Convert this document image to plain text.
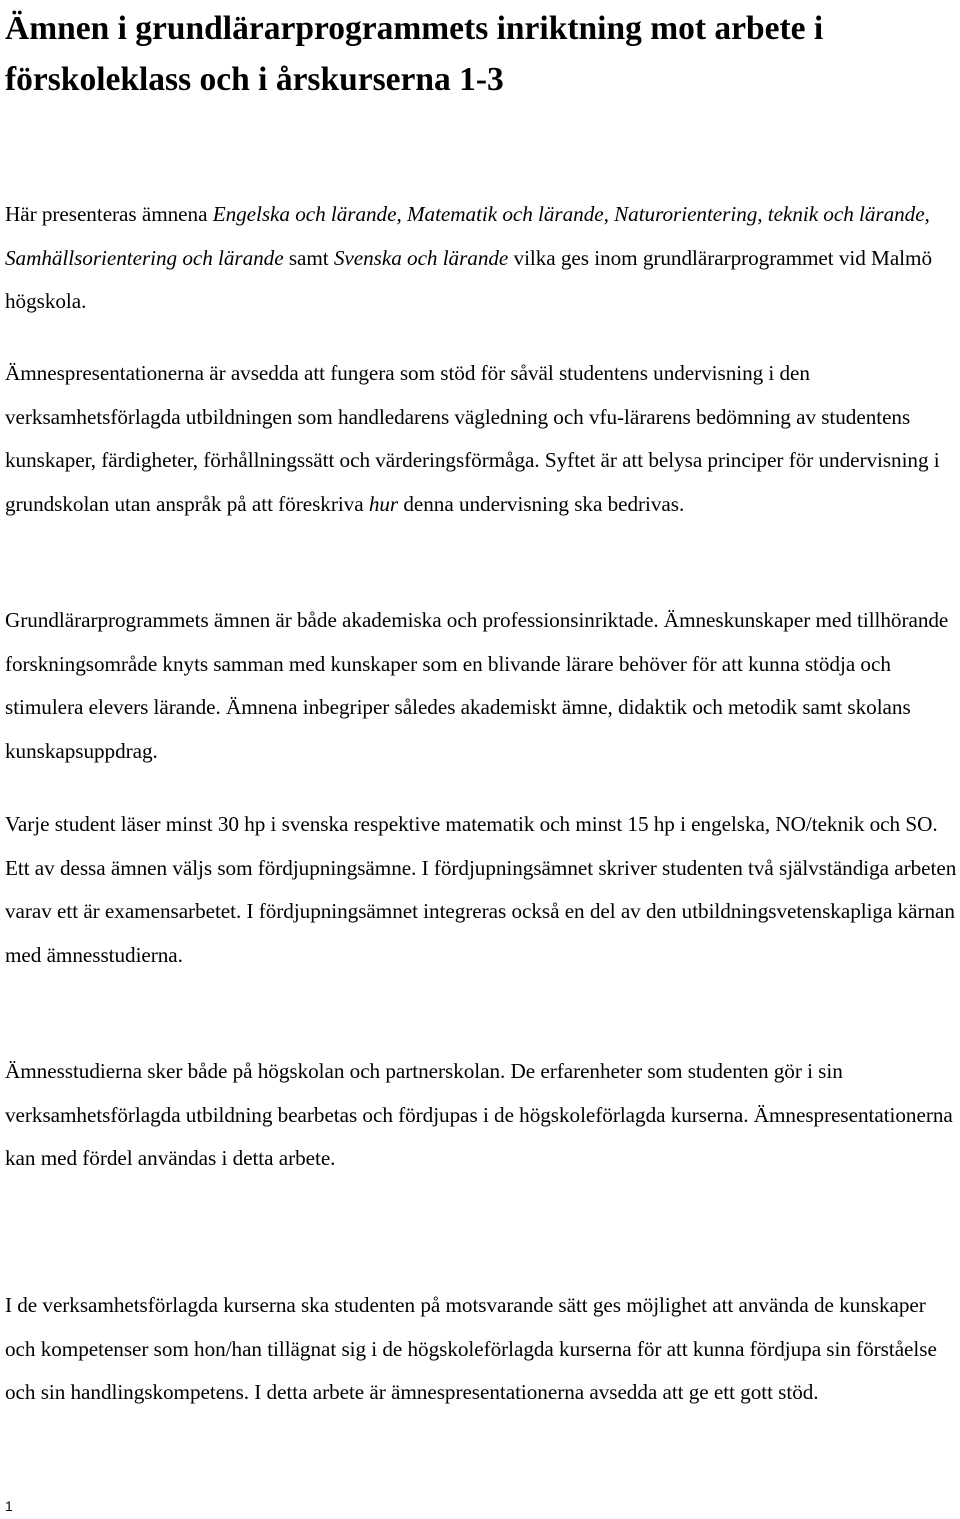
Ämnen i grundlärarprogrammets inriktning mot arbete i förskoleklass och i årskurserna 1-3

Här presenteras ämnena Engelska och lärande, Matematik och lärande, Naturorientering, teknik och lärande, Samhällsorientering och lärande samt Svenska och lärande vilka ges inom grundlärarprogrammet vid Malmö högskola.

Ämnespresentationerna är avsedda att fungera som stöd för såväl studentens undervisning i den verksamhetsförlagda utbildningen som handledarens vägledning och vfu-lärarens bedömning av studentens kunskaper, färdigheter, förhållningssätt och värderingsförmåga. Syftet är att belysa principer för undervisning i grundskolan utan anspråk på att föreskriva hur denna undervisning ska bedrivas.

Grundlärarprogrammets ämnen är både akademiska och professionsinriktade. Ämneskunskaper med tillhörande forskningsområde knyts samman med kunskaper som en blivande lärare behöver för att kunna stödja och stimulera elevers lärande. Ämnena inbegriper således akademiskt ämne, didaktik och metodik samt skolans kunskapsuppdrag.

Varje student läser minst 30 hp i svenska respektive matematik och minst 15 hp i engelska, NO/teknik och SO. Ett av dessa ämnen väljs som fördjupningsämne. I fördjupningsämnet skriver studenten två självständiga arbeten varav ett är examensarbetet. I fördjupningsämnet integreras också en del av den utbildningsvetenskapliga kärnan med ämnesstudierna.

Ämnesstudierna sker både på högskolan och partnerskolan. De erfarenheter som studenten gör i sin verksamhetsförlagda utbildning bearbetas och fördjupas i de högskoleförlagda kurserna. Ämnespresentationerna kan med fördel användas i detta arbete.

I de verksamhetsförlagda kurserna ska studenten på motsvarande sätt ges möjlighet att använda de kunskaper och kompetenser som hon/han tillägnat sig i de högskoleförlagda kurserna för att kunna fördjupa sin förståelse och sin handlingskompetens. I detta arbete är ämnespresentationerna avsedda att ge ett gott stöd.

1
